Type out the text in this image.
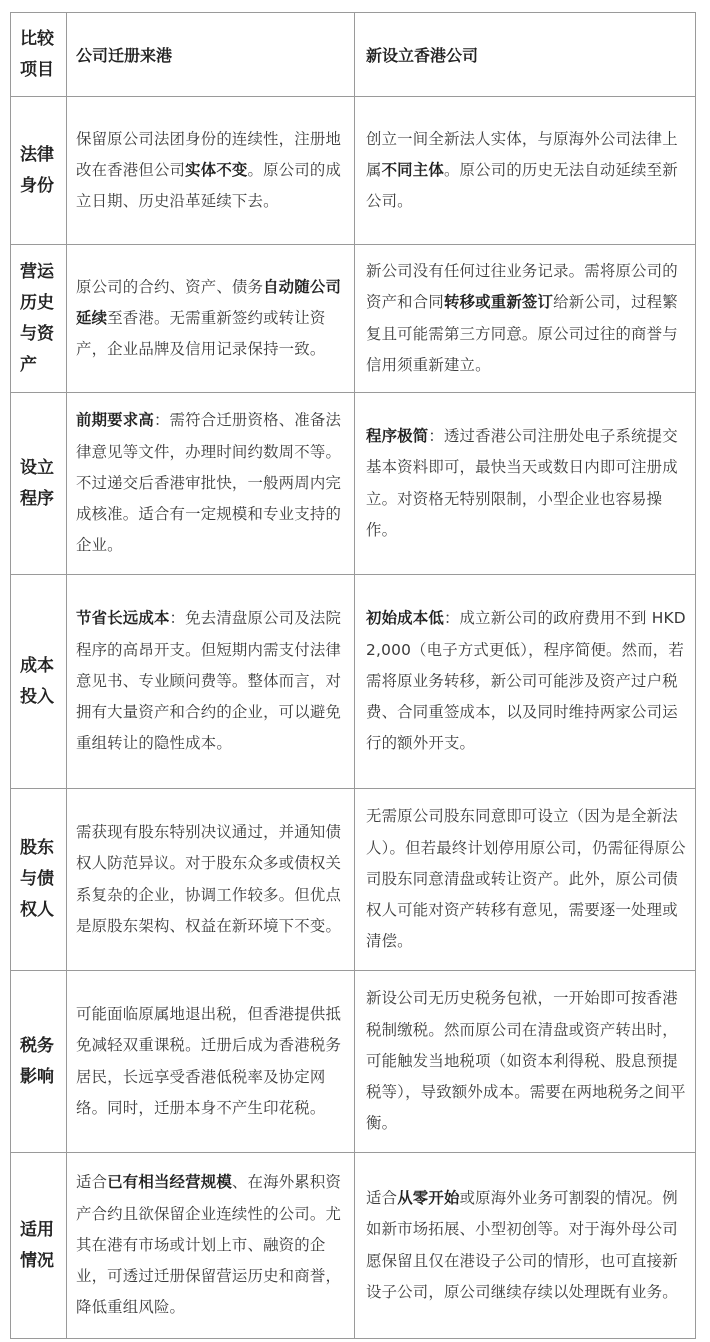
比较项目	公司迁册来港	新设立香港公司
法律身份	保留原公司法团身份的连续性，注册地改在香港但公司实体不变。原公司的成立日期、历史沿革延续下去。	创立一间全新法人实体，与原海外公司法律上属不同主体。原公司的历史无法自动延续至新公司。
营运历史与资产	原公司的合约、资产、债务自动随公司延续至香港。无需重新签约或转让资产，企业品牌及信用记录保持一致。	新公司没有任何过往业务记录。需将原公司的资产和合同转移或重新签订给新公司，过程繁复且可能需第三方同意。原公司过往的商誉与信用须重新建立。
设立程序	前期要求高：需符合迁册资格、准备法律意见等文件，办理时间约数周不等。不过递交后香港审批快，一般两周内完成核准。适合有一定规模和专业支持的企业。	程序极简：透过香港公司注册处电子系统提交基本资料即可，最快当天或数日内即可注册成立。对资格无特别限制，小型企业也容易操作。
成本投入	节省长远成本：免去清盘原公司及法院程序的高昂开支。但短期内需支付法律意见书、专业顾问费等。整体而言，对拥有大量资产和合约的企业，可以避免重组转让的隐性成本。	初始成本低：成立新公司的政府费用不到 HKD 2,000（电子方式更低），程序简便。然而，若需将原业务转移，新公司可能涉及资产过户税费、合同重签成本，以及同时维持两家公司运行的额外开支。
股东与债权人	需获现有股东特别决议通过，并通知债权人防范异议。对于股东众多或债权关系复杂的企业，协调工作较多。但优点是原股东架构、权益在新环境下不变。	无需原公司股东同意即可设立（因为是全新法人）。但若最终计划停用原公司，仍需征得原公司股东同意清盘或转让资产。此外，原公司债权人可能对资产转移有意见，需要逐一处理或清偿。
税务影响	可能面临原属地退出税，但香港提供抵免减轻双重课税。迁册后成为香港税务居民，长远享受香港低税率及协定网络。同时，迁册本身不产生印花税。	新设公司无历史税务包袱，一开始即可按香港税制缴税。然而原公司在清盘或资产转出时，可能触发当地税项（如资本利得税、股息预提税等），导致额外成本。需要在两地税务之间平衡。
适用情况	适合已有相当经营规模、在海外累积资产合约且欲保留企业连续性的公司。尤其在港有市场或计划上市、融资的企业，可透过迁册保留营运历史和商誉，降低重组风险。	适合从零开始或原海外业务可割裂的情况。例如新市场拓展、小型初创等。对于海外母公司愿保留且仅在港设子公司的情形，也可直接新设子公司，原公司继续存续以处理既有业务。
